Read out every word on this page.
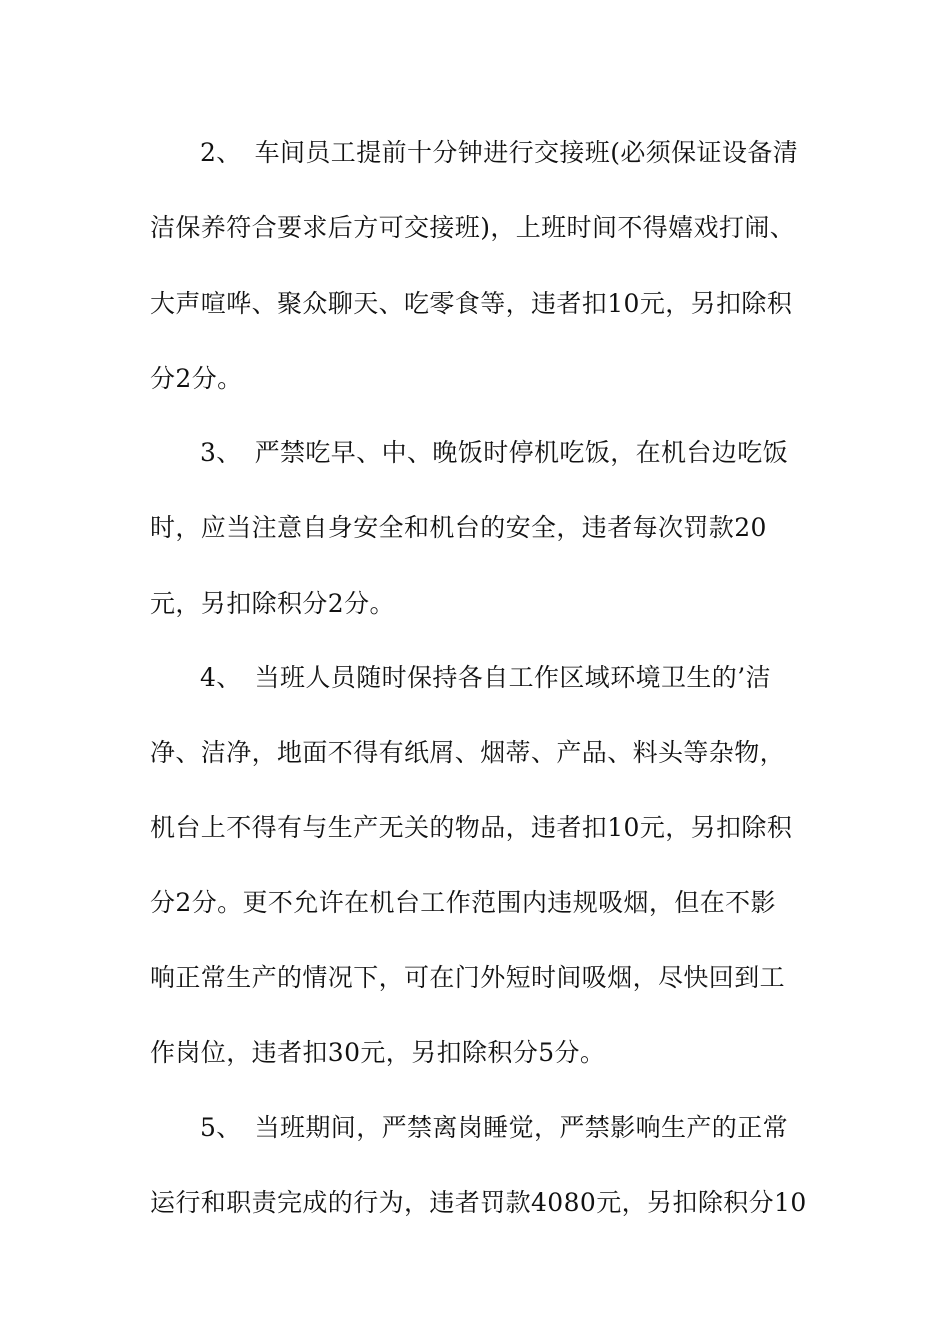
2、　车间员工提前十分钟进行交接班(必须保证设备清
洁保养符合要求后方可交接班)，上班时间不得嬉戏打闹、
大声喧哗、聚众聊天、吃零食等，违者扣10元，另扣除积
分2分。
3、　严禁吃早、中、晚饭时停机吃饭，在机台边吃饭
时，应当注意自身安全和机台的安全，违者每次罚款20
元，另扣除积分2分。
4、　当班人员随时保持各自工作区域环境卫生的’洁
净、洁净，地面不得有纸屑、烟蒂、产品、料头等杂物，
机台上不得有与生产无关的物品，违者扣10元，另扣除积
分2分。更不允许在机台工作范围内违规吸烟，但在不影
响正常生产的情况下，可在门外短时间吸烟，尽快回到工
作岗位，违者扣30元，另扣除积分5分。
5、　当班期间，严禁离岗睡觉，严禁影响生产的正常
运行和职责完成的行为，违者罚款4080元，另扣除积分10
